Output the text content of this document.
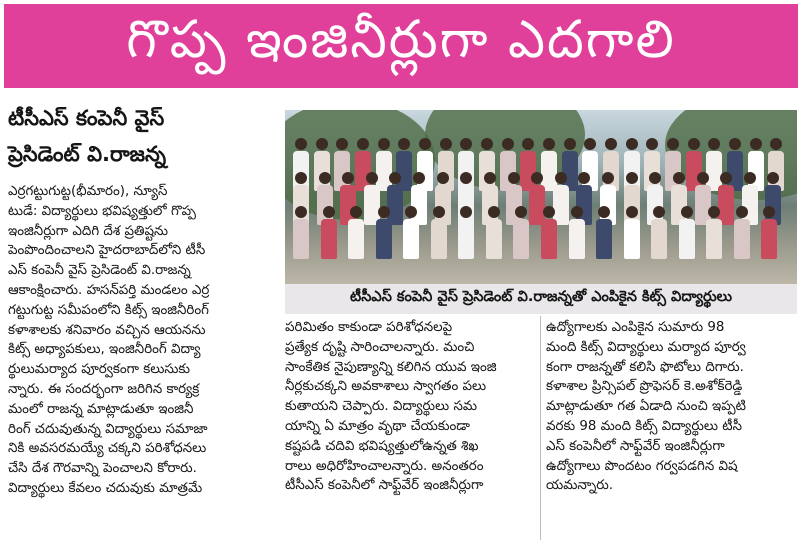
గొప్ప ఇంజినీర్లుగా ఎదగాలి
టీసీఎస్ కంపెనీ వైస్
ప్రెసిడెంట్ వి.రాజన్న
ఎర్రగట్టుగుట్ట(భీమారం), న్యూస్
టుడే: విద్యార్థులు భవిష్యత్తులో గొప్ప
ఇంజినీర్లుగా ఎదిగి దేశ ప్రతిష్టను
పెంపొందించాలని హైదరాబాద్‌లోని టీసీ
ఎస్ కంపెనీ వైస్ ప్రెసిడెంట్ వి.రాజన్న
ఆకాంక్షించారు. హసన్‌పర్తి మండలం ఎర్ర
గట్టుగుట్ట సమీపంలోని కిట్స్ ఇంజినీరింగ్
కళాశాలకు శనివారం వచ్చిన ఆయనను
కిట్స్ అధ్యాపకులు, ఇంజినీరింగ్ విద్యా
ర్థులుమర్యాద పూర్వకంగా కలుసుకు
న్నారు. ఈ సందర్భంగా జరిగిన కార్యక్ర
మంలో రాజన్న మాట్లాడుతూ ఇంజినీ
రింగ్ చదువుతున్న విద్యార్థులు సమాజా
నికి అవసరమయ్యే చక్కని పరిశోధనలు
చేసి దేశ గౌరవాన్ని పెంచాలని కోరారు.
విద్యార్థులు కేవలం చదువుకు మాత్రమే
టీసీఎస్ కంపెనీ వైస్ ప్రెసిడెంట్ వి.రాజన్నతో ఎంపికైన కిట్స్ విద్యార్థులు
పరిమితం కాకుండా పరిశోధనలపై
ప్రత్యేక దృష్టి సారించాలన్నారు. మంచి
సాంకేతిక నైపుణ్యాన్ని కలిగిన యువ ఇంజి
నీర్లకుచక్కని అవకాశాలు స్వాగతం పలు
కుతాయని చెప్పారు. విద్యార్థులు సమ
యాన్ని ఏ మాత్రం వృథా చేయకుండా
కష్టపడి చదివి భవిష్యత్తులోఉన్నత శిఖ
రాలు అధిరోహించాలన్నారు. అనంతరం
టీసీఎస్ కంపెనీలో సాఫ్ట్‌వేర్ ఇంజినీర్లుగా
ఉద్యోగాలకు ఎంపికైన సుమారు 98
మంది కిట్స్ విద్యార్థులు మర్యాద పూర్వ
కంగా రాజన్నతో కలిసి ఫొటోలు దిగారు.
కళాశాల ప్రిన్సిపల్ ప్రొఫెసర్ కె.అశోక్‌రెడ్డి
మాట్లాడుతూ గత ఏడాది నుంచి ఇప్పటి
వరకు 98 మంది కిట్స్ విద్యార్థులు టీసీ
ఎస్ కంపెనీలో సాఫ్ట్‌వేర్ ఇంజినీర్లుగా
ఉద్యోగాలు పొందటం గర్వపడగిన విష
యమన్నారు.
